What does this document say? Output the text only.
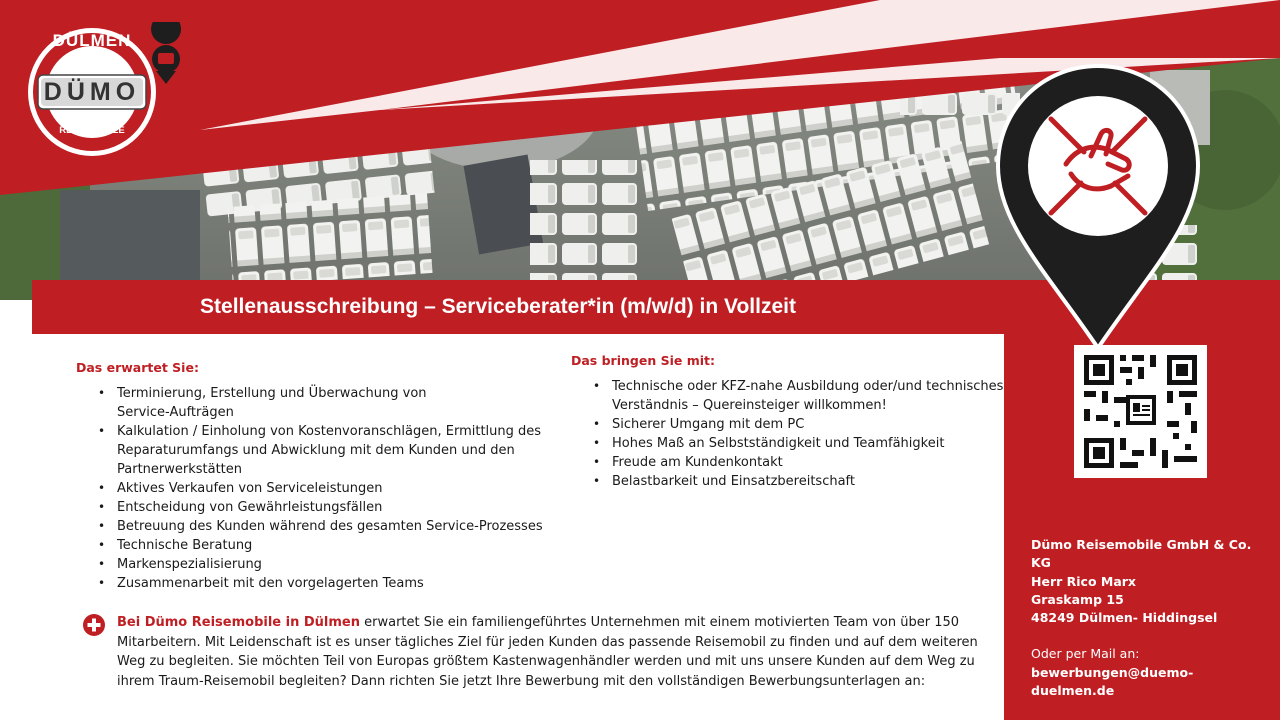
DÜLMEN
DÜMO
REISEMOBILE
Stellenausschreibung – Serviceberater*in (m/w/d) in Vollzeit
Das erwartet Sie:
• Terminierung, Erstellung und Überwachung von Service-Aufträgen
• Kalkulation / Einholung von Kostenvoranschlägen, Ermittlung des Reparaturumfangs und Abwicklung mit dem Kunden und den Partnerwerkstätten
• Aktives Verkaufen von Serviceleistungen
• Entscheidung von Gewährleistungsfällen
• Betreuung des Kunden während des gesamten Service-Prozesses
• Technische Beratung
• Markenspezialisierung
• Zusammenarbeit mit den vorgelagerten Teams
Das bringen Sie mit:
• Technische oder KFZ-nahe Ausbildung oder/und technisches Verständnis – Quereinsteiger willkommen!
• Sicherer Umgang mit dem PC
• Hohes Maß an Selbstständigkeit und Teamfähigkeit
• Freude am Kundenkontakt
• Belastbarkeit und Einsatzbereitschaft
Bei Dümo Reisemobile in Dülmen erwartet Sie ein familiengeführtes Unternehmen mit einem motivierten Team von über 150 Mitarbeitern. Mit Leidenschaft ist es unser tägliches Ziel für jeden Kunden das passende Reisemobil zu finden und auf dem weiteren Weg zu begleiten. Sie möchten Teil von Europas größtem Kastenwagenhändler werden und mit uns unsere Kunden auf dem Weg zu ihrem Traum-Reisemobil begleiten? Dann richten Sie jetzt Ihre Bewerbung mit den vollständigen Bewerbungsunterlagen an:
Dümo Reisemobile GmbH & Co. KG
Herr Rico Marx
Graskamp 15
48249 Dülmen- Hiddingsel
Oder per Mail an:
bewerbungen@duemo-duelmen.de
